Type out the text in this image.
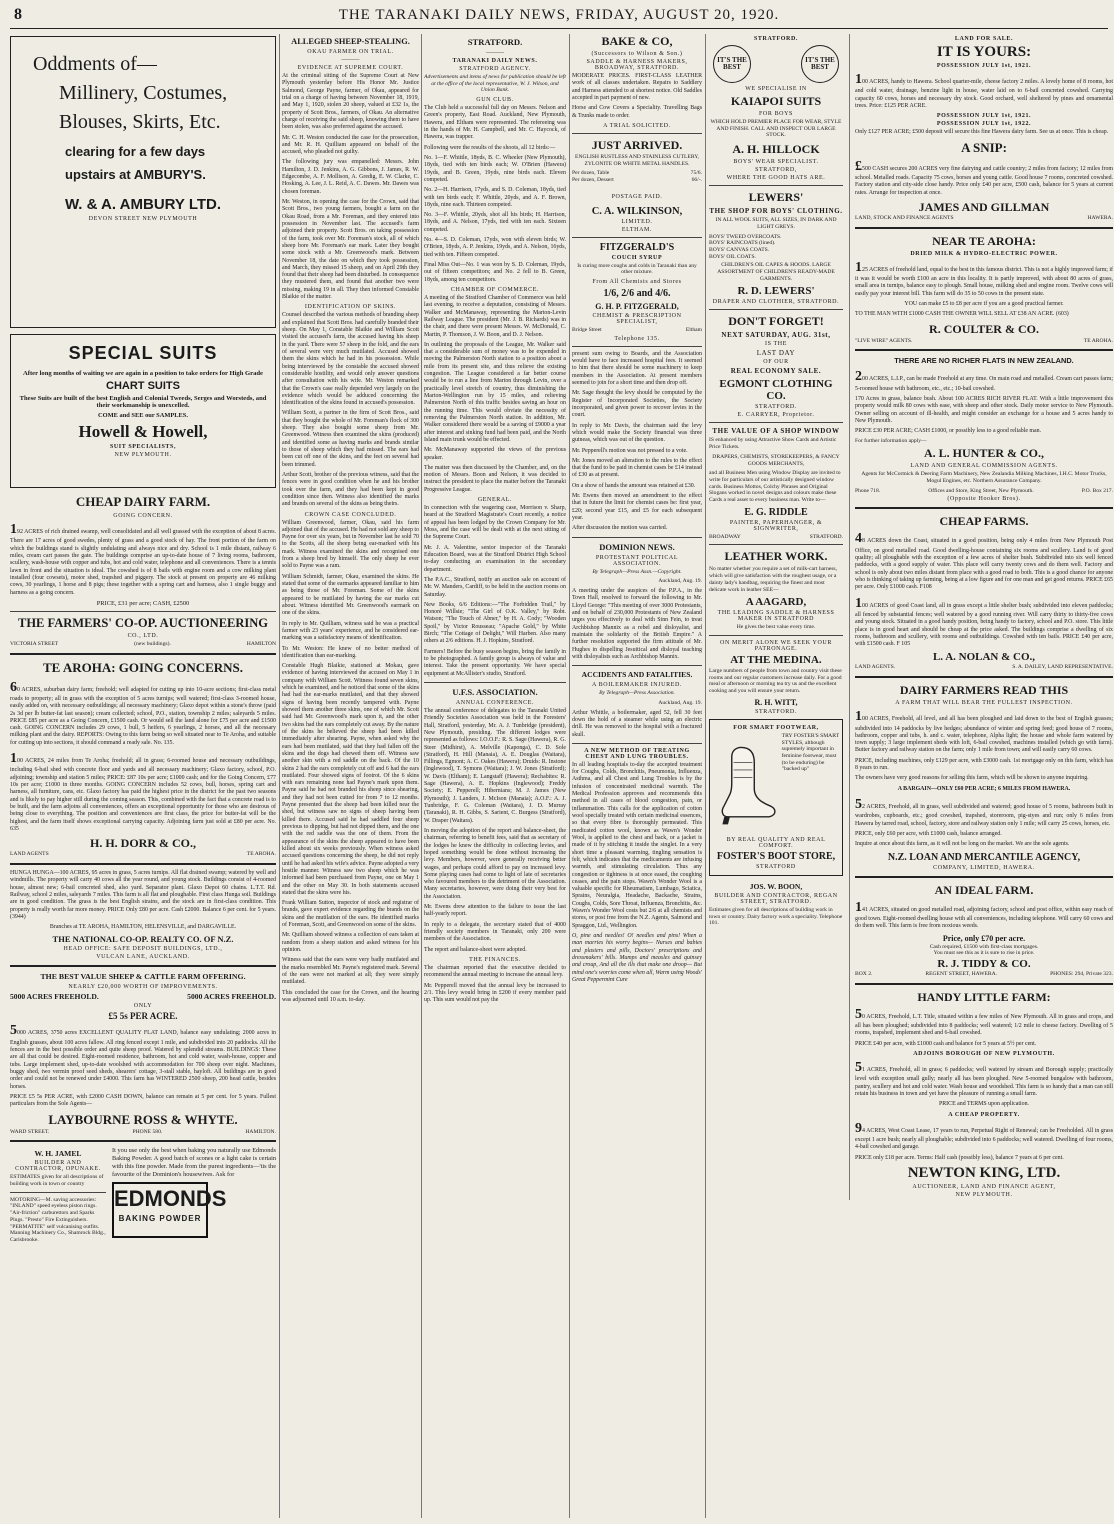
8	THE TARANAKI DAILY NEWS, FRIDAY, AUGUST 20, 1920.
Oddments of—
Millinery, Costumes,
Blouses, Skirts, Etc.
clearing for a few days
upstairs at AMBURY'S.
W. & A. AMBURY LTD.
DEVON STREET NEW PLYMOUTH
SPECIAL SUITS
After long months of waiting we are again in a position to take orders for High Grade
CHART SUITS
These Suits are built of the best English and Colonial Tweeds, Serges and Worsteds, and their workmanship is unexcelled.
COME and SEE our SAMPLES.
Howell & Howell,
SUIT SPECIALISTS,
NEW PLYMOUTH.
CHEAP DAIRY FARM.
GOING CONCERN.

192 ACRES of rich drained swamp, well consolidated and all well grassed with the exception of about 8 acres. There are 17 acres of good swedes, plenty of grass and a good stock of hay. The front portion of the farm on which the buildings stand is slightly undulating and always nice and dry. School is 1 mile distant, railway 6 miles, cream cart passes the gate. The buildings comprise an up-to-date house of 7 living rooms, bathroom, scullery, wash-house with copper and tubs, hot and cold water, telephone and all conveniences. There is a tennis lawn in front and the situation is ideal. The cowshed is of 8 bails with engine room and a cow milking plant installed (four cowsets), motor shed, trapshed and piggery. The stock at present on property are 46 milking cows, 30 yearlings, 1 horse and 8 pigs; these together with a spring cart and harness, also 1 single buggy and harness as a going concern.

PRICE, £31 per acre; CASH, £2500
THE FARMERS' CO-OP. AUCTIONEERING
CO., LTD.
VICTORIA STREET	(new buildings).	HAMILTON
TE AROHA: GOING CONCERNS.

60 ACRES, suburban dairy farm; freehold; well adapted for cutting up into 10-acre sections; first-class metal roads to property; all in grass with the exception of 5 acres turnips; well watered; first-class 3-roomed house, easily added on, with necessary outbuildings; all necessary machinery; Glaxo depot within a stone's throw (paid 2s 3d per lb butter-fat last season); cream collected; school, P.O., station, township 2 miles; saleyards 5 miles. PRICE £85 per acre as a Going Concern, £1500 cash. Or would sell the land alone for £75 per acre and £1500 cash. GOING CONCERN includes 29 cows, 1 bull, 5 heifers, 6 yearlings, 2 horses, and all the necessary milking plant and the dairy. REPORTS: Owing to this farm being so well situated near to Te Aroha, and suitable for cutting up into sections, it should command a ready sale. No. 135.

100 ACRES, 24 miles from Te Aroha; freehold; all in grass; 6-roomed house and necessary outbuildings, including 6-bail shed with concrete floor and yards and all necessary machinery; Glaxo factory, school, P.O. adjoining; township and station 5 miles; PRICE: £87 10s per acre; £1000 cash; and for the Going Concern, £77 10s per acre; £1000 in three months. GOING CONCERN includes 52 cows, bull, horses, spring cart and harness, all furniture, cans, etc. Glaxo factory has paid the highest price in the district for the past two seasons and is likely to pay higher still during the coming season. This, combined with the fact that a concrete road is to be built, and the farm adjoins all conveniences, offers an exceptional opportunity for those who are desirous of being close to everything. The position and conveniences are first class, the price for butter-fat will be the highest, and the farm itself shows exceptional carrying capacity. Adjoining farm just sold at £80 per acre. No. 635

H. H. DORR & CO.,
LAND AGENTS	TE AROHA.

HUNGA HUNGA—100 ACRES, 95 acres in grass, 5 acres turnips. All flat drained swamp; watered by well and windmills. The property will carry 40 cows all the year round, and young stock. Buildings consist of 4-roomed house, almost new; 6-bail concreted shed, also yard. Separator plant. Glaxo Depot 60 chains. L.T.T. Rd. Railway, school 2 miles, saleyards 7 miles. This farm is all flat and ploughable. First class Hunga soil. Buildings are in good condition. The grass is the best English strains, and the stock are in first-class condition. This property is really worth far more money. PRICE Only £80 per acre. Cash £2000. Balance 6 per cent. for 5 years. (3944)

Branches at TE AROHA, HAMILTON, HELENSVILLE, and DARGAVILLE.

THE NATIONAL CO-OP. REALTY CO. OF N.Z.
HEAD OFFICE: SAFE DEPOSIT BUILDINGS, LTD.,
VULCAN LANE, AUCKLAND.
THE BEST VALUE SHEEP & CATTLE FARM OFFERING.
NEARLY £20,000 WORTH OF IMPROVEMENTS.
5000 ACRES FREEHOLD.	5000 ACRES FREEHOLD.
ONLY
£5 5s PER ACRE.

5000 ACRES, 3750 acres EXCELLENT QUALITY FLAT LAND, balance easy undulating; 2000 acres in English grasses, about 100 acres fallow. All ring fenced except 1 mile, and subdivided into 20 paddocks. All the fences are in the best possible order and quite sheep proof. Watered by splendid streams. BUILDINGS: These are all that could be desired. Eight-roomed residence, bathroom, hot and cold water, wash-house, copper and tubs. Large implement shed, up-to-date woolshed with accommodation for 700 sheep over night. Machines, buggy shed, two vermin proof seed sheds, shearers' cottage, 3-stall stable, hayloft. All buildings are in good order and could not be renewed under £4000. This farm has WINTERED 2500 sheep, 200 head cattle, besides horses.

PRICE £5 5s PER ACRE, with £2000 CASH DOWN, balance can remain at 5 per cent. for 5 years. Fullest particulars from the Sole Agents—

LAYBOURNE ROSS & WHYTE.
WARD STREET.	PHONE 580.	HAMILTON.
W. H. JAMEL
BUILDER AND CONTRACTOR, OPUNAKE.

ESTIMATES given for all descriptions of building work in town or country

MOTORING—M. saving accessories: "INLAND" speed eyeless piston rings. "Air-friction" carburettors and Sparks Plugs. "Presto" Fire Extinguishers. "PERMATITE" self vulcanising outfits. Manning Machinery Co., Shamrock Bldg., Carisbrooke.

It you use only the best when baking you naturally use Edmonds Baking Powder. A good batch of scones or a light cake is certain with this fine powder. Made from the purest ingredients—'tis the favourite of the Dominion's housewives. Ask for

EDMONDS
BAKING POWDER
ALLEGED SHEEP-STEALING.
OKAU FARMER ON TRIAL.
———
EVIDENCE AT SUPREME COURT.

At the criminal sitting of the Supreme Court at New Plymouth yesterday before His Honor Mr. Justice Salmond, George Payne, farmer, of Okau, appeared for trial on a charge of having between November 18, 1919, and May 1, 1920, stolen 20 sheep, valued at £32 1s, the property of Scott Bros., farmers, of Okau. An alternative charge of receiving the said sheep, knowing them to have been stolen, was also preferred against the accused.

Mr. C. H. Weston conducted the case for the prosecution, and Mr. R. H. Quilliam appeared on behalf of the accused, who pleaded not guilty.

The following jury was empanelled: Messrs. John Hamilton, J. D. Jenkins, A. G. Gibbons, J. James, R. W. Edgecombe, A. F. Mollison, A. Gredig, E. W. Clarke, C. Hosking, A. Lee, J. L. Reid, A. C. Dawes. Mr. Dawes was chosen foreman.

Mr. Weston, in opening the case for the Crown, said that Scott Bros., two young farmers, bought a farm on the Okau Road, from a Mr. Foreman, and they entered into possession in November last. The accused's farm adjoined their property. Scott Bros. on taking possession of the farm, took over Mr. Foreman's stock, all of which sheep bore Mr. Foreman's ear mark. Later they bought some stock with a Mr. Greenwood's mark. Between November 18, the date on which they took possession, and March, they missed 15 sheep, and on April 29th they found that their sheep had been disturbed. In consequence they mustered them, and found that another two were missing, making 19 in all. They then informed Constable Blaikie of the matter.

IDENTIFICATION OF SKINS.

Counsel described the various methods of branding sheep and explained that Scott Bros. had carefully branded their sheep. On May 1, Constable Blaikie and William Scott visited the accused's farm, the accused having his sheep in the yard. There were 57 sheep in the fold, and the ears of several were very much mutilated. Accused showed them the skins which he had in his possession. While being interviewed by the constable the accused showed considerable hostility, and would only answer questions after consultation with his wife. Mr. Weston remarked that the Crown's case really depended very largely on the evidence which would be adduced concerning the identification of the skins found in accused's possession.

William Scott, a partner in the firm of Scott Bros., said that they bought the whole of Mr. Foreman's flock of 300 sheep. They also bought some sheep from Mr. Greenwood. Witness then examined the skins (produced) and identified some as having marks and brands similar to those of sheep which they had missed. The ears had been cut off one of the skins, and the feet on several had been trimmed.

Arthur Scott, brother of the previous witness, said that the fences were in good condition when he and his brother took over the farm, and they had been kept in good condition since then. Witness also identified the marks and brands on several of the skins as being theirs.

CROWN CASE CONCLUDED.

William Greenwood, farmer, Okau, said his farm adjoined that of the accused. He had not sold any sheep to Payne for over six years, but in November last he sold 70 to the Scotts, all the sheep being ear-marked with his mark. Witness examined the skins and recognised one from a sheep bred by himself. The only sheep he ever sold to Payne was a ram.

William Schmidt, farmer, Okau, examined the skins. He stated that some of the earmarks appeared familiar to him as being those of Mr. Foreman. Some of the skins appeared to be mutilated by having the ear marks cut about. Witness identified Mr. Greenwood's earmark on one of the skins.

In reply to Mr. Quilliam, witness said he was a practical farmer with 23 years' experience, and he considered ear-marking was a satisfactory means of identification.

To Mr. Weston: He knew of no better method of identification than ear-marking.

Constable Hugh Blaikie, stationed at Mokau, gave evidence of having interviewed the accused on May 1 in company with William Scott. Witness found seven skins, which he examined, and he noticed that some of the skins had had the ear-marks mutilated, and that they showed signs of having been recently tampered with. Payne showed them another three skins, one of which Mr. Scott said had Mr. Greenwood's mark upon it, and the other two skins had the ears completely cut away. By the nature of the skins he believed the sheep had been killed immediately after shearing. Payne, when asked why the ears had been mutilated, said that they had fallen off the skins and the dogs had chewed them off. Witness saw another skin with a red saddle on the back. Of the 10 skins 2 had the ears completely cut off and 6 had the ears mutilated. Four showed signs of footrot. Of the 6 skins with ears remaining none had Payne's mark upon them. Payne said he had not branded his sheep since shearing, and they had not been cutted for from 7 to 12 months. Payne presented that the sheep had been killed near the shed, but witness saw no signs of sheep having been killed there. Accused said he had saddled four sheep previous to dipping, but had not dipped them, and the one with the red saddle was the one of them. From the appearance of the skins the sheep appeared to have been killed about six weeks previously. When witness asked accused questions concerning the sheep, he did not reply until he had asked his wife's advice. Payne adopted a very hostile manner. Witness saw two sheep which he was informed had been purchased from Payne, one on May 1 and the other on May 30. In both statements accused stated that the skins were his.

Frank William Sutton, inspector of stock and registrar of brands, gave expert evidence regarding the brands on the skins and the mutilation of the ears. He identified marks of Foreman, Scott, and Greenwood on some of the skins.

Mr. Quilliam showed witness a collection of ears taken at random from a sheep station and asked witness for his opinion.

Witness said that the ears were very badly mutilated and the marks resembled Mr. Payne's registered mark. Several of the ears were not marked at all; they were simply mutilated.

This concluded the case for the Crown, and the hearing was adjourned until 10 a.m. to-day.

STRATFORD.
———
TARANAKI DAILY NEWS.
STRATFORD AGENCY.

Advertisements and items of news for publication should be left at the office of the local representative, W. J. Wilson, and Union Bank.

GUN CLUB.

The Club held a successful full day on Messrs. Nelson and Green's property, East Road. Auckland, New Plymouth, Hawera, and Eltham were represented. The refereeing was in the hands of Mr. H. Campbell, and Mr. C. Haycock, of Hawera, was trapper.

Following were the results of the shoots, all 12 birds:—

No. 1—F. Whittle, 18yds, B. C. Wheeler (New Plymouth), 18yds, tied with ten birds each; W. O'Brien (Hawera) 19yds, and B. Green, 19yds, nine birds each. Eleven competed.

No. 2—H. Harrison, 17yds, and S. D. Coleman, 18yds, tied with ten birds each; F. Whittle, 20yds, and A. F. Brown, 18yds, nine each. Thirteen competed.

No. 3—F. Whittle, 20yds, shot all his birds; H. Harrison, 18yds, and A. Nelson, 17yds, tied with ten each. Sixteen competed.

No. 4—S. D. Coleman, 17yds, won with eleven birds; W. O'Brien, 18yds, A. P. Jenkins, 19yds, and A. Nelson, 16yds, tied with ten. Fifteen competed.

Final Miss Out—No. 1 was won by S. D. Coleman, 19yds, out of fifteen competitors; and No. 2 fell to B. Green, 18yds, among ten competitors.

CHAMBER OF COMMERCE.

A meeting of the Stratford Chamber of Commerce was held last evening, to receive a deputation, consisting of Messrs. Walker and McManaway, representing the Marton-Levin Railway League. The president (Mr. J. B. Richards) was in the chair, and there were present Messrs. W. McDonald, C. Martin, P. Thomson, J. W. Boon, and D. J. Nelson.

In outlining the proposals of the League, Mr. Walker said that a considerable sum of money was to be expended in moving the Palmerston North station to a position about a mile from its present site, and thus relieve the existing congestion. The League considered a far better course would be to run a line from Marton through Levin, over a practically level stretch of country, thus diminishing the Marton-Wellington run by 15 miles, and relieving Palmerston North of this traffic besides saving an hour on the running time. This would obviate the necessity of removing the Palmerston North station. In addition, Mr. Walker considered there would be a saving of £9000 a year after interest and sinking fund had been paid, and the North Island main trunk would be effected.

Mr. McManaway supported the views of the previous speaker.

The matter was then discussed by the Chamber, and, on the motion of Messrs. Boon and Nelson, it was decided to instruct the president to place the matter before the Taranaki Progressive League.

GENERAL.

In connection with the wagering case, Morrison v. Sharp, heard at the Stratford Magistrate's Court recently, a notice of appeal has been lodged by the Crown Company for Mr. Moss, and the case will be dealt with at the next sitting of the Supreme Court.

Mr. J. A. Valentine, senior inspector of the Taranaki Education Board, was at the Stratford District High School to-day conducting an examination in the secondary department.

The P.A.C., Stratford, notify an auction sale on account of Mr. W. Manders, Cardiff, to be held in the auction rooms on Saturday.

New Books, 6/6 Editions:—"The Forbidden Trail," by Honoré Willsie; "The Girl of O.K. Valley," by Robt. Watson; "The Touch of Abner," by H. A. Cody; "Wooden Spoil," by Victor Rousseau; "Apache Gold," by White Birch; "The Cottage of Delight," Will Harben. Also many others at 2/6 editions. H. J. Hopkins, Stratford.

Farmers! Before the busy season begins, bring the family in to be photographed. A family group is always of value and interest. Take the present opportunity. We have special equipment at McAllister's studio, Stratford.

U.F.S. ASSOCIATION.
ANNUAL CONFERENCE.

The annual conference of delegates to the Taranaki United Friendly Societies Association was held in the Foresters' Hall, Stratford, yesterday, Mr. A. J. Tunbridge (president), New Plymouth, presiding. The different lodges were represented as follows: I.O.O.F.: R. S. Sage (Hawera), R. G. Steer (Midhirst), A. Melville (Kaponga), C. D. Sole (Stratford), H. Hill (Manaia), A. E. Douglas (Waitara), Fillings, Egmont; A. C. Oakes (Hawera); Druids: R. Instone (Inglewood), T. Symons (Waitara); J. W. Jones (Stratford); W. Davis (Eltham); E. Langstaff (Hawera); Rechabites: R. Sage (Hawera), A. E. Hopkins (Inglewood); Freddy Society; E. Pepperell; Hibernians; M. J. James (New Plymouth); J. Landers, J. McIson (Manaia); A.O.F.: A. J. Tunbridge, F. G. Coleman (Waitara), J. D. Murray (Taranaki), R. H. Gibbs, S. Sarient, C. Burgess (Stratford), W. Draper (Waitara).

In moving the adoption of the report and balance-sheet, the chairman, referring to benefit fees, said that as secretary of the lodges he knew the difficulty in collecting levies, and hoped something would be done without increasing the levy. Members, however, were generally receiving better wages, and perhaps could afford to pay on increased levy. Some playing cases had come to light of late of secretaries who favoured members to the detriment of the Association. Many secretaries, however, were doing their very best for the Association.

Mr. Ewens drew attention to the failure to issue the last half-yearly report.

In reply to a delegate, the secretary stated that of 4000 friendly society members in Taranaki, only 200 were members of the Association.

The report and balance-sheet were adopted.

THE FINANCES.

The chairman reported that the executive decided to recommend the annual meeting to increase the annual levy.

Mr. Pepperell moved that the annual levy be increased to 2/1. This levy would bring in £200 if every member paid up. This sum would not pay the

BAKE & CO,
(Successors to Wilson & Son.)
SADDLE & HARNESS MAKERS, BROADWAY, STRATFORD.

MODERATE PRICES. FIRST-CLASS LEATHER work of all classes undertaken. Repairs to Saddlery and Harness attended to at shortest notice. Old Saddles accepted in part payment of new.

Horse and Cow Covers a Speciality. Travelling Bags & Trunks made to order.

A TRIAL SOLICITED.
JUST ARRIVED.

ENGLISH RUSTLESS AND STAINLESS CUTLERY, ZYLONITE OR WHITE METAL HANDLES.

Per dozen, Table	75/6.
Per dozen, Dessert	66/-.
POSTAGE PAID.
C. A. WILKINSON,
LIMITED.
ELTHAM.
FITZGERALD'S
COUCH SYRUP

Is curing more coughs and colds in Taranaki than any other mixture.

From All Chemists and Stores
1/6, 2/6 and 4/6.
G. H. P. FITZGERALD,
CHEMIST & PRESCRIPTION SPECIALIST,
Bridge Street	Eltham
Telephone 135.

present sum owing to Boards, and the Association would have to face increased hospital fees. It seemed to him that there should be some machinery to keep members in the Association. At present members seemed to join for a short time and then drop off.

Mr. Sage thought the levy should be computed by the Register of Incorporated Societies, the Society incorporated, and given power to recover levies in the court.

In reply to Mr. Davis, the chairman said the levy which would make the Society financial was three guineas, which was out of the question.

Mr. Pepperell's motion was not pressed to a vote.

Mr. Jones moved an alteration to the rules to the effect that the fund to be paid in chemist cases be £14 instead of £30 as at present.

On a show of hands the amount was retained at £30.

Mr. Ewens then moved an amendment to the effect that in future the limit for chemist cases be: first year, £20; second year £15, and £5 for each subsequent year.

After discussion the motion was carried.

DOMINION NEWS.
PROTESTANT POLITICAL ASSOCIATION.

By Telegraph—Press Assn.—Copyright.

Auckland, Aug. 19.

A meeting under the auspices of the P.P.A., in the Town Hall, resolved to forward the following to Mr. Lloyd George: "This meeting of over 3000 Protestants, and on behalf of 230,000 Protestants of New Zealand urges you effectively to deal with Sinn Fein, to treat Archbishop Mannix as a rebel and disloyalist, and maintain the solidarity of the British Empire." A further resolution supported the firm attitude of Mr. Hughes in dispelling Jesuitical and disloyal teaching with disloyalists such as Archbishop Mannix.

ACCIDENTS AND FATALITIES.
A BOILERMAKER INJURED.

By Telegraph—Press Association.

Auckland, Aug. 19.

Arthur Whittle, a boilermaker, aged 52, fell 30 feet down the hold of a steamer while using an electric drill. He was removed to the hospital with a fractured skull.

A NEW METHOD OF TREATING CHEST AND LUNG TROUBLES.

In all leading hospitals to-day the accepted treatment for Coughs, Colds, Bronchitis, Pneumonia, Influenza, Asthma, and all Chest and Lung Troubles is by the infusion of concentrated medicinal warmth. The Medical Profession approves and recommends this method in all cases of blood congestion, pain, or inflammation. This calls for the application of cotton wool specially treated with certain medicinal essences, so that every fibre is thoroughly permeated. This medicated cotton wool, known as Wawn's Wonder Wool, is applied to the chest and back, or a jacket is made of it by stitching it inside the singlet. In a very short time a pleasant warming, tingling sensation is felt, which indicates that the medicaments are infusing warmth, and stimulating circulation. Thus any congestion or tightness is at once eased, the coughing ceases, and the pain stops. Wawn's Wonder Wool is a valuable specific for Rheumatism, Lumbago, Sciatica, Sprains, Neuralgia, Headache, Backache, Strains, Coughs, Colds, Sore Throat, Influenza, Bronchitis, &c. Wawn's Wonder Wool costs but 2/6 at all chemists and stores, or post free from the N.Z. Agents, Salmond and Spraggon, Ltd., Wellington.

O, pine and needles! O! needles and pins! When a man marries his worry begins— Nurses and babies and plasters and pills, Doctors' prescriptions and dressmakers' bills. Mumps and measles and quinsey and croup, And all the ills that make one droop— But mind one's worries come when all, Warm using Woods' Great Peppermint Cure

STRATFORD.
IT'S THE BEST
IT'S THE BEST
WE SPECIALISE IN
KAIAPOI SUITS
FOR BOYS

WHICH HOLD PREMIER PLACE FOR WEAR, STYLE AND FINISH. CALL AND INSPECT OUR LARGE STOCK.

A. H. HILLOCK
BOYS' WEAR SPECIALIST.
STRATFORD,
WHERE THE GOOD HATS ARE.
LEWERS'
THE SHOP FOR BOYS' CLOTHING.

IN ALL WOOL SUITS, ALL SIZES, IN DARK AND LIGHT GREYS.

BOYS' TWEED OVERCOATS.
BOYS' RAINCOATS (lined).
BOYS' CANVAS COATS.
BOYS' OIL COATS.

CHILDREN'S OIL CAPES & HOODS. LARGE ASSORTMENT OF CHILDREN'S READY-MADE GARMENTS.

R. D. LEWERS'
DRAPER AND CLOTHIER, STRATFORD.
DON'T FORGET!
NEXT SATURDAY, AUG. 31st,
IS THE
LAST DAY
OF OUR
REAL ECONOMY SALE.
EGMONT CLOTHING CO.
STRATFORD.
E. CARRYER, Proprietor.
THE VALUE OF A SHOP WINDOW

IS enhanced by using Attractive Show Cards and Artistic Price Tickets.

DRAPERS, CHEMISTS, STOREKEEPERS, & FANCY GOODS MERCHANTS,

and all Business Men using Window Display are invited to write for particulars of our artistically designed window cards. Business Mottos, Colchy Phrases and Original Slogans worked in novel designs and colours make these Cards a real asset to every business man. Write to—

E. G. RIDDLE
PAINTER, PAPERHANGER, & SIGNWRITER,
BROADWAY	STRATFORD.
LEATHER WORK.

No matter whether you require a set of milk-cart harness, which will give satisfaction with the roughest usage, or a dainty lady's handbag, requiring the finest and most delicate work in leather SEE—

A AAGARD,
THE LEADING SADDLE & HARNESS MAKER IN STRATFORD
He gives the best value every time.
ON MERIT ALONE WE SEEK YOUR PATRONAGE.
AT THE MEDINA.

Large numbers of people from town and country visit these rooms and our regular customers increase daily. For a good meal or afternoon or morning tea try us and the excellent cooking and you will ensure your return.

R. H. WITT,
STRATFORD.
FOR SMART FOOTWEAR,

TRY FOSTER'S SMART STYLES, although supremely important in feminine footwear, must (to be enduring) be "backed up"

BY REAL QUALITY AND REAL COMFORT.
FOSTER'S BOOT STORE,
STRATFORD
JOS. W. BOON,
BUILDER AND CONTRACTOR, REGAN STREET, STRATFORD.

Estimates given for all descriptions of building work in town or country. Dairy factory work a speciality. Telephone 101.

LAND FOR SALE.
IT IS YOURS:
POSSESSION JULY 1st, 1921.

100 ACRES, handy to Hawera. School quarter-mile, cheese factory 2 miles. A lovely home of 8 rooms, hot and cold water, drainage, benzine light in house, water laid on to 6-bail concreted cowshed. Carrying capacity 60 cows, horses and necessary dry stock. Good orchard, well sheltered by pines and ornamental trees. Price: £125 PER ACRE.

POSSESSION JULY 1st, 1921.
POSSESSION JULY 1st, 1922.

Only £127 PER ACRE; £500 deposit will secure this fine Hawera dairy farm. See us at once. This is cheap.

A SNIP:

£500 CASH secures 200 ACRES very fine dairying and cattle country; 2 miles from factory; 12 miles from school. Metalled roads. Capacity 75 cows, horses and young cattle. Good house 7 rooms, concreted cowshed. Factory station and city-side close handy. Price only £40 per acre, £500 cash, balance for 5 years at current rates. Arrange for inspection at once.

JAMES AND GILLMAN
LAND, STOCK AND FINANCE AGENTS	HAWERA.
NEAR TE AROHA:
DRIED MILK & HYDRO-ELECTRIC POWER.

125 ACRES of freehold land, equal to the best in this famous district. This is not a highly improved farm; if it was it would be worth £100 an acre in this locality. It is partly improved, with about 80 acres of grass, small area in turnips, balance easy to plough. Small house, milking shed and engine room. Twelve cows will easily pay your interest bill. This farm will do 35 to 50 cows in the present state.

YOU can make £5 to £8 per acre if you are a good practical farmer.

TO THE MAN WITH £1000 CASH THE OWNER WILL SELL AT £38 AN ACRE. (603)

R. COULTER & CO.
"LIVE WIRE" AGENTS.	TE AROHA.
THERE ARE NO RICHER FLATS IN NEW ZEALAND.

200 ACRES, L.I.P., can be made Freehold at any time. On main road and metalled. Cream cart passes farm; 5-roomed house with bathroom, etc., etc.; 10-bail cowshed.

170 Acres in grass, balance bush. About 100 ACRES RICH RIVER FLAT. With a little improvement this property would milk 80 cows with ease, with sheep and other stock. Daily motor service to New Plymouth. Owner selling on account of ill-health, and might consider an exchange for a house and 5 acres handy to New Plymouth.

PRICE £30 PER ACRE; CASH £1000, or possibly less to a good reliable man.

For further information apply—
A. L. HUNTER & CO.,
LAND AND GENERAL COMMISSION AGENTS.

Agents for McCormick & Deering Farm Machinery, New Zealandia Milking Machines, I.H.C. Motor Trucks, Mogul Engines, etc. Northern Assurance Company.

Phone 718.	Offices and Store, King Street, New Plymouth.	P.O. Box 217.
(Opposite Hooker Bros).
CHEAP FARMS.

48 ACRES down the Coast, situated in a good position, being only 4 miles from New Plymouth Post Office, on good metalled road. Good dwelling-house containing six rooms and scullery. Land is of good quality; all ploughable with the exception of a few acres of shelter bush. Subdivided into six well fenced paddocks, with a good supply of water. This place will carry twenty cows and do them well. Factory and school is only about two miles distant from place with a good road to both. This is a good chance for anyone who is thinking of taking up farming, being at a low figure and for one man and get good returns. PRICE £65 per acre. Only £1000 cash. F108

100 ACRES of good Coast land, all in grass except a little shelter bush; subdivided into eleven paddocks; all fenced by substantial fences; well watered by a good running river. Will carry thirty to thirty-five cows and young stock. Situated in a good handy position, being handy to factory, school and P.O. store. This little place is in good heart and should be cheap at the price asked. The buildings comprise a dwelling of six rooms, bathroom and scullery, with rooms and outbuildings. Cowshed with ten bails. PRICE £40 per acre, with £1500 cash. F 105

L. A. NOLAN & CO.,
LAND AGENTS.	S. A. DAILEY, LAND REPRESENTATIVE.
DAIRY FARMERS READ THIS
A FARM THAT WILL BEAR THE FULLEST INSPECTION.

100 ACRES, Freehold, all level, and all has been ploughed and laid down to the best of English grasses; subdivided into 14 paddocks by live hedges; abundance of winter and spring feed; good house of 7 rooms, bathroom, copper and tubs, h. and c. water, telephone, Alpha light; the house and whole farm watered by town supply; 3 large implement sheds with loft, 6-bail cowshed, machines installed (which go with farm). Butter factory and railway station on the farm; only 1 mile from town; and will easily carry 60 cows.

PRICE, including machines, only £129 per acre, with £3000 cash. 1st mortgage only on this farm, which has 8 years to run.

The owners have very good reasons for selling this farm, which will be shown to anyone inquiring.

A BARGAIN—ONLY £60 PER ACRE; 6 MILES FROM HAWERA.

52 ACRES, Freehold, all in grass, well subdivided and watered; good house of 5 rooms, bathroom built in wardrobes, cupboards, etc.; good cowshed, trapshed, storeroom, pig-styes and run; only 6 miles from Hawera by tarred road, school, factory, store and railway station only 1 mile; will carry 25 cows, horses, etc.

PRICE, only £60 per acre, with £1000 cash, balance arranged.

Inquire at once about this farm, as it will not be long on the market. We are the sole agents.

N.Z. LOAN AND MERCANTILE AGENCY,
COMPANY, LIMITED, HAWERA.
AN IDEAL FARM.

141 ACRES, situated on good metalled road, adjoining factory, school and post office, within easy reach of good town. Eight-roomed dwelling house with all conveniences, including telephone. Will carry 60 cows and do them well. This farm is free from noxious weeds.

Price, only £70 per acre.
Cash required, £1500 with first-class mortgages.
You must see this as it is sure to rise in price.
R. J. TIDDY & CO.
BOX 2.	REGENT STREET, HAWERA.	PHONES: 294, Private 323.
HANDY LITTLE FARM:

50 ACRES, Freehold, L.T. Title, situated within a few miles of New Plymouth. All in grass and crops, and all has been ploughed; subdivided into 8 paddocks; well watered; 1/2 mile to cheese factory. Dwelling of 5 rooms, trapshed, implement shed and 6-bail cowshed.

PRICE £40 per acre, with £1000 cash and balance for 5 years at 5½ per cent.

ADJOINS BOROUGH OF NEW PLYMOUTH.

51 ACRES, Freehold, all in grass; 6 paddocks; well watered by stream and Borough supply; practically level with exception small gully; nearly all has been ploughed. New 5-roomed bungalow with bathroom, pantry, scullery and hot and cold water. Wash house and woodshed. This farm is so handy that a man can still retain his business in town and yet have the pleasure of running a small farm.

PRICE and TERMS upon application.

A CHEAP PROPERTY.

94 ACRES, West Coast Lease, 17 years to run, Perpetual Right of Renewal; can be Freeholded. All in grass except 1 acre bush; nearly all ploughable; subdivided into 6 paddocks; well watered. Dwelling of four rooms, 4-bail cowshed and garage.

PRICE only £18 per acre. Terms: Half cash (possibly less), balance 7 years at 6 per cent.

NEWTON KING, LTD.
AUCTIONEER, LAND AND FINANCE AGENT,
NEW PLYMOUTH.
